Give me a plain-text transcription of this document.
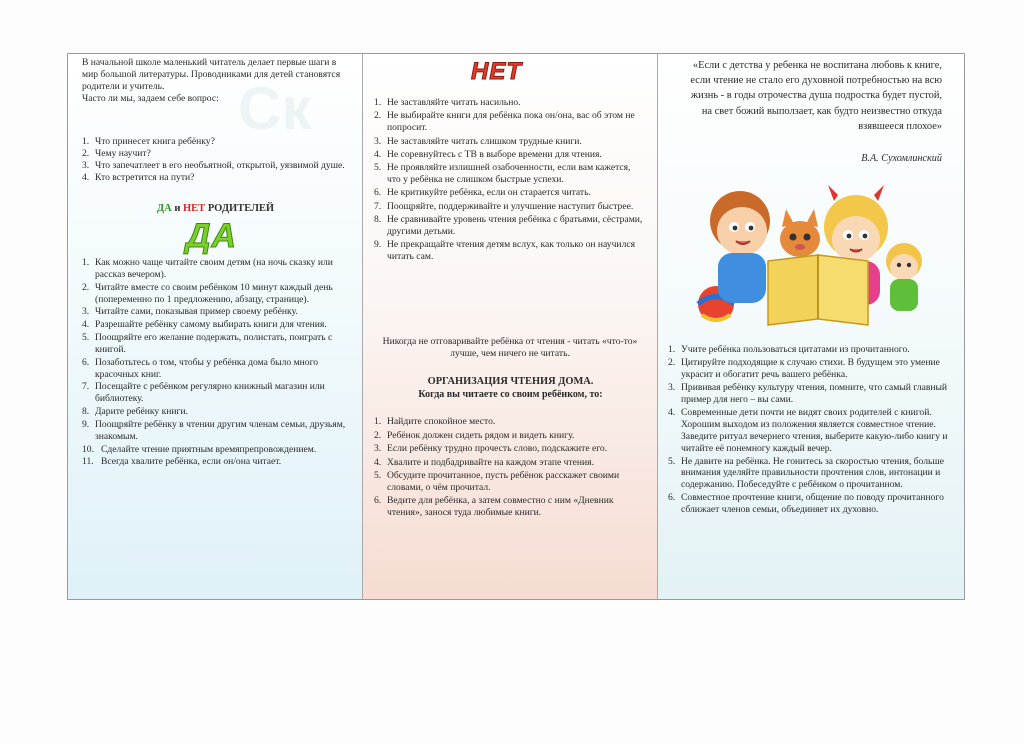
Ск
В начальной школе маленький читатель делает первые шаги в мир большой литературы. Проводниками для детей становятся родители и учитель.
Часто ли мы, задаем себе вопрос:
1. Что принесет книга ребёнку?
2. Чему научит?
3. Что запечатлеет в его необъятной, открытой, уязвимой душе.
4. Кто встретится на пути?
ДА и НЕТ РОДИТЕЛЕЙ
ДА
1. Как можно чаще читайте своим детям (на ночь сказку или рассказ вечером).
2. Читайте вместе со своим ребёнком 10 минут каждый день (попеременно по 1 предложению, абзацу, странице).
3. Читайте сами, показывая пример своему ребёнку.
4. Разрешайте ребёнку самому выбирать книги для чтения.
5. Поощряйте его желание подержать, полистать, поиграть с книгой.
6. Позаботьтесь о том, чтобы у ребёнка дома было много красочных книг.
7. Посещайте с ребёнком регулярно книжный магазин или библиотеку.
8. Дарите ребёнку книги.
9. Поощряйте ребёнку в чтении другим членам семьи, друзьям, знакомым.
10. Сделайте чтение приятным времяпрепровождением.
11. Всегда хвалите ребёнка, если он/она читает.
НЕТ
1. Не заставляйте читать насильно.
2. Не выбирайте книги для ребёнка пока он/она, вас об этом не попросит.
3. Не заставляйте читать слишком трудные книги.
4. Не соревнуйтесь с ТВ в выборе времени для чтения.
5. Не проявляйте излишней озабоченности, если вам кажется, что у ребёнка не слишком быстрые успехи.
6. Не критикуйте ребёнка, если он старается читать.
7. Поощряйте, поддерживайте и улучшение наступит быстрее.
8. Не сравнивайте уровень чтения ребёнка с братьями, сёстрами, другими детьми.
9. Не прекращайте чтения детям вслух, как только он научился читать сам.
Никогда не отговаривайте ребёнка от чтения - читать «что-то» лучше, чем ничего не читать.
ОРГАНИЗАЦИЯ ЧТЕНИЯ ДОМА.
Когда вы читаете со своим ребёнком, то:
1. Найдите спокойное место.
2. Ребёнок должен сидеть рядом и видеть книгу.
3. Если ребёнку трудно прочесть слово, подскажите его.
4. Хвалите и подбадривайте на каждом этапе чтения.
5. Обсудите прочитанное, пусть ребёнок расскажет своими словами, о чём прочитал.
6. Ведите для ребёнка, а затем совместно с ним «Дневник чтения», занося туда любимые книги.
«Если с детства у ребенка не воспитана любовь к книге, если чтение не стало его духовной потребностью на всю жизнь - в годы отрочества душа подростка будет пустой, на свет божий выползает, как будто неизвестно откуда взявшееся плохое»
В.А. Сухомлинский
1. Учите ребёнка пользоваться цитатами из прочитанного.
2. Цитируйте подходящие к случаю стихи. В будущем это умение украсит и обогатит речь вашего ребёнка.
3. Прививая ребёнку культуру чтения, помните, что самый главный пример для него – вы сами.
4. Современные дети почти не видят своих родителей с книгой. Хорошим выходом из положения является совместное чтение. Заведите ритуал вечернего чтения, выберите какую-либо книгу и читайте её понемногу каждый вечер.
5. Не давите на ребёнка. Не гонитесь за скоростью чтения, больше внимания уделяйте правильности прочтения слов, интонации и содержанию. Побеседуйте с ребёнком о прочитанном.
6. Совместное прочтение книги, общение по поводу прочитанного сближает членов семьи, объединяет их духовно.
